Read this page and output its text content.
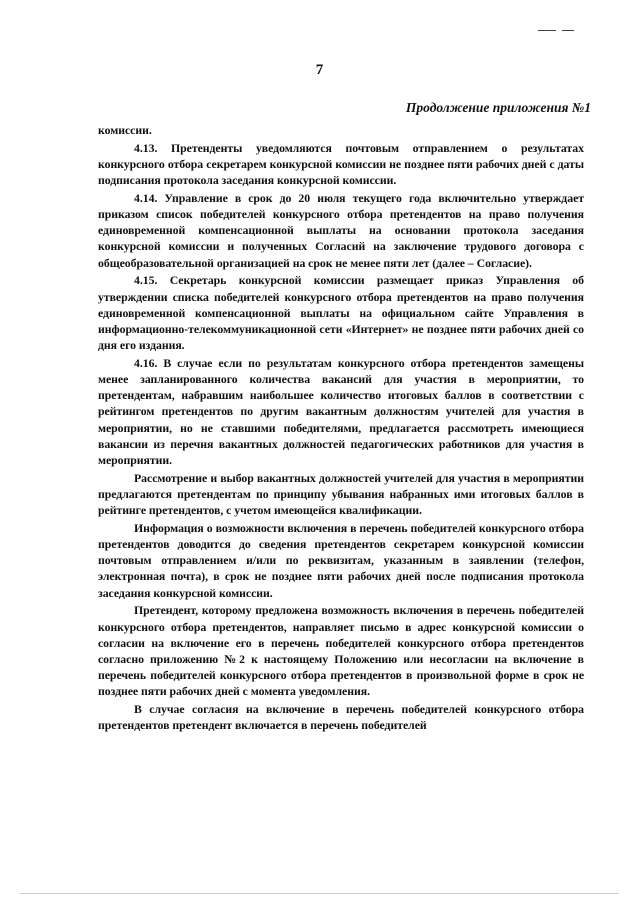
7
Продолжение приложения №1

комиссии.

4.13. Претенденты уведомляются почтовым отправлением о результатах конкурсного отбора секретарем конкурсной комиссии не позднее пяти рабочих дней с даты подписания протокола заседания конкурсной комиссии.

4.14. Управление в срок до 20 июля текущего года включительно утверждает приказом список победителей конкурсного отбора претендентов на право получения единовременной компенсационной выплаты на основании протокола заседания конкурсной комиссии и полученных Согласий на заключение трудового договора с общеобразовательной организацией на срок не менее пяти лет (далее – Согласие).

4.15. Секретарь конкурсной комиссии размещает приказ Управления об утверждении списка победителей конкурсного отбора претендентов на право получения единовременной компенсационной выплаты на официальном сайте Управления в информационно-телекоммуникационной сети «Интернет» не позднее пяти рабочих дней со дня его издания.

4.16. В случае если по результатам конкурсного отбора претендентов замещены менее запланированного количества вакансий для участия в мероприятии, то претендентам, набравшим наибольшее количество итоговых баллов в соответствии с рейтингом претендентов по другим вакантным должностям учителей для участия в мероприятии, но не ставшими победителями, предлагается рассмотреть имеющиеся вакансии из перечня вакантных должностей педагогических работников для участия в мероприятии.

Рассмотрение и выбор вакантных должностей учителей для участия в мероприятии предлагаются претендентам по принципу убывания набранных ими итоговых баллов в рейтинге претендентов, с учетом имеющейся квалификации.

Информация о возможности включения в перечень победителей конкурсного отбора претендентов доводится до сведения претендентов секретарем конкурсной комиссии почтовым отправлением и/или по реквизитам, указанным в заявлении (телефон, электронная почта), в срок не позднее пяти рабочих дней после подписания протокола заседания конкурсной комиссии.

Претендент, которому предложена возможность включения в перечень победителей конкурсного отбора претендентов, направляет письмо в адрес конкурсной комиссии о согласии на включение его в перечень победителей конкурсного отбора претендентов согласно приложению №2 к настоящему Положению или несогласии на включение в перечень победителей конкурсного отбора претендентов в произвольной форме в срок не позднее пяти рабочих дней с момента уведомления.

В случае согласия на включение в перечень победителей конкурсного отбора претендентов претендент включается в перечень победителей
